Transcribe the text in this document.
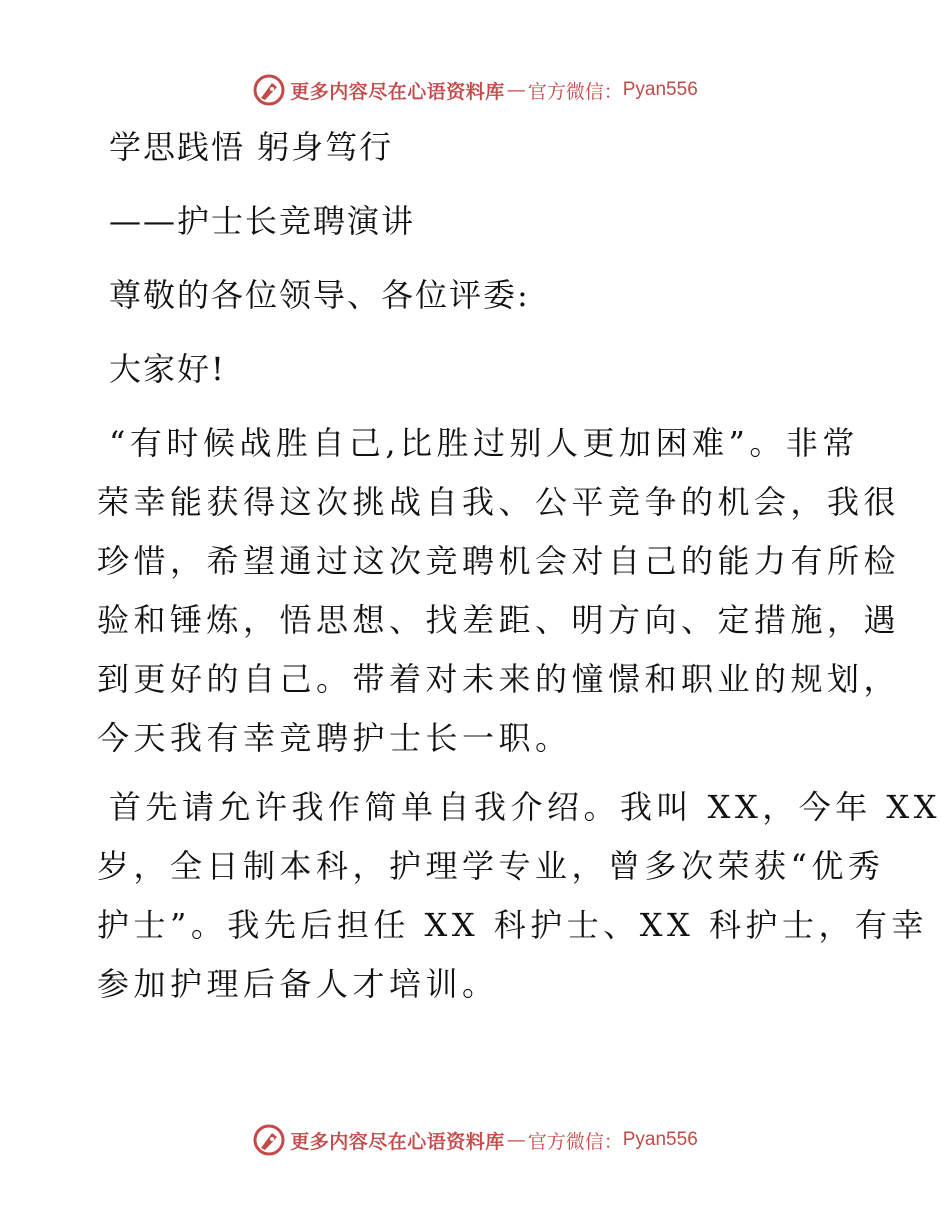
更多内容尽在心语资料库 — 官方微信： Pyan556
学思践悟 躬身笃行
——护士长竞聘演讲
尊敬的各位领导、各位评委:
大家好!
“有时候战胜自己,比胜过别人更加困难”。非常
荣幸能获得这次挑战自我、公平竞争的机会，我很
珍惜，希望通过这次竞聘机会对自己的能力有所检
验和锤炼，悟思想、找差距、明方向、定措施，遇
到更好的自己。带着对未来的憧憬和职业的规划，
今天我有幸竞聘护士长一职。
首先请允许我作简单自我介绍。我叫 XX，今年 XX
岁，全日制本科，护理学专业，曾多次荣获“优秀
护士”。我先后担任 XX 科护士、XX 科护士，有幸
参加护理后备人才培训。
更多内容尽在心语资料库 — 官方微信： Pyan556
